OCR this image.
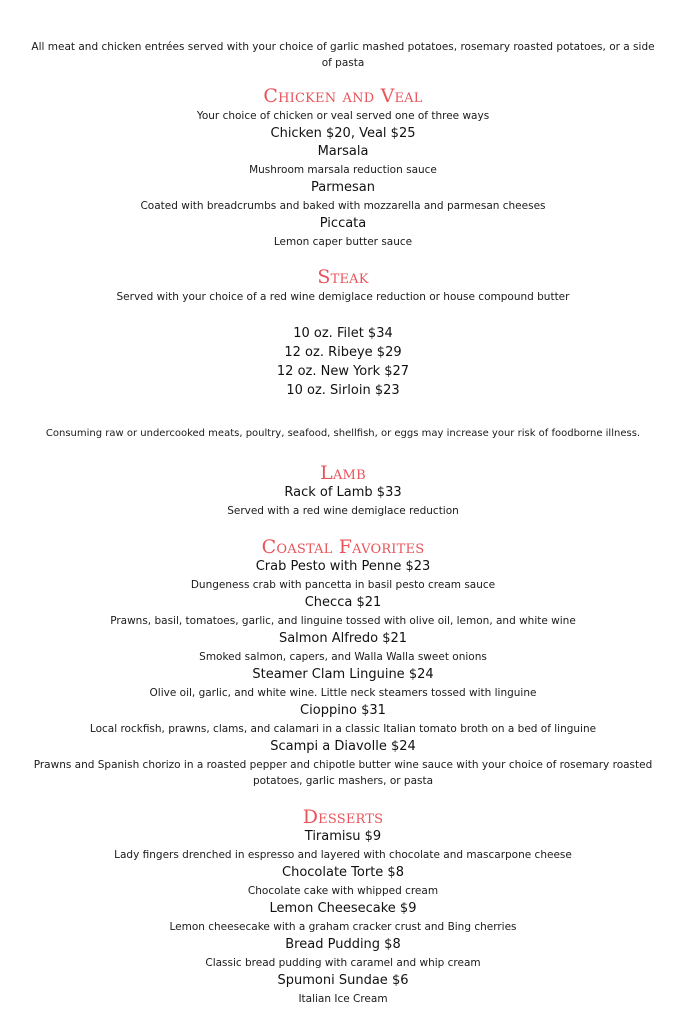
All meat and chicken entrées served with your choice of garlic mashed potatoes, rosemary roasted potatoes, or a side of pasta
Chicken and Veal
Your choice of chicken or veal served one of three ways
Chicken $20, Veal $25
Marsala
Mushroom marsala reduction sauce
Parmesan
Coated with breadcrumbs and baked with mozzarella and parmesan cheeses
Piccata
Lemon caper butter sauce
Steak
Served with your choice of a red wine demiglace reduction or house compound butter
10 oz. Filet $34
12 oz. Ribeye $29
12 oz. New York $27
10 oz. Sirloin $23
Consuming raw or undercooked meats, poultry, seafood, shellfish, or eggs may increase your risk of foodborne illness.
Lamb
Rack of Lamb $33
Served with a red wine demiglace reduction
Coastal Favorites
Crab Pesto with Penne $23
Dungeness crab with pancetta in basil pesto cream sauce
Checca $21
Prawns, basil, tomatoes, garlic, and linguine tossed with olive oil, lemon, and white wine
Salmon Alfredo $21
Smoked salmon, capers, and Walla Walla sweet onions
Steamer Clam Linguine $24
Olive oil, garlic, and white wine. Little neck steamers tossed with linguine
Cioppino $31
Local rockfish, prawns, clams, and calamari in a classic Italian tomato broth on a bed of linguine
Scampi a Diavolle $24
Prawns and Spanish chorizo in a roasted pepper and chipotle butter wine sauce with your choice of rosemary roasted potatoes, garlic mashers, or pasta
Desserts
Tiramisu $9
Lady fingers drenched in espresso and layered with chocolate and mascarpone cheese
Chocolate Torte $8
Chocolate cake with whipped cream
Lemon Cheesecake $9
Lemon cheesecake with a graham cracker crust and Bing cherries
Bread Pudding $8
Classic bread pudding with caramel and whip cream
Spumoni Sundae $6
Italian Ice Cream
